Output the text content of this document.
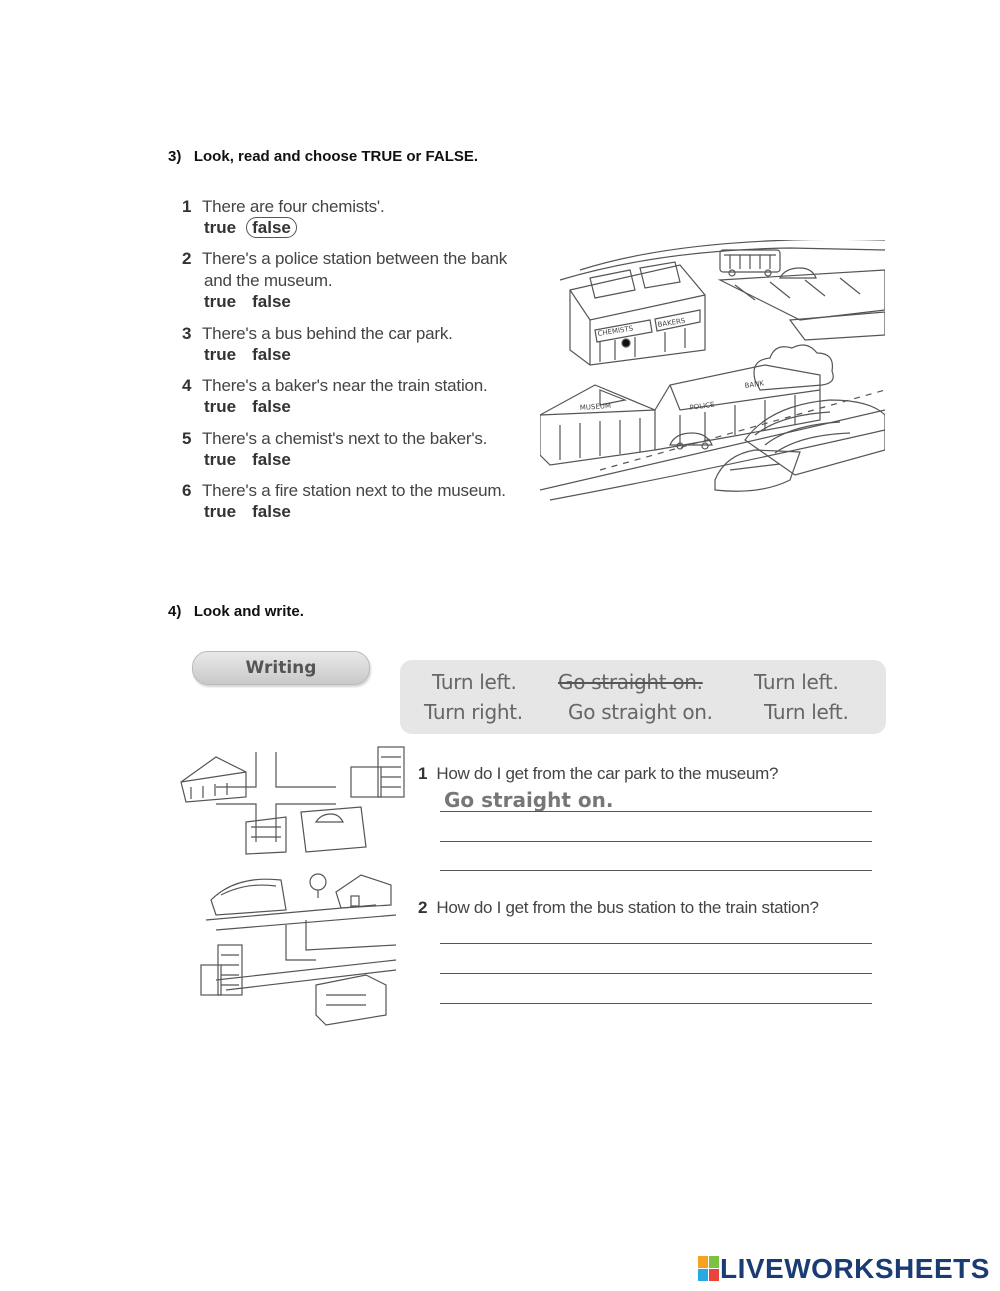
3) Look, read and choose TRUE or FALSE.
1 There are four chemists'.
true false
2 There's a police station between the bank
and the museum.
true false
3 There's a bus behind the car park.
true false
4 There's a baker's near the train station.
true false
5 There's a chemist's next to the baker's.
true false
6 There's a fire station next to the museum.
true false
CHEMISTS
BAKERS
POLICE
BANK
MUSEUM
4) Look and write.
Writing
Turn left. Go straight on.	Turn left.
Turn right. Go straight on.	Turn left.
1 How do I get from the car park to the museum?
Go straight on.
2 How do I get from the bus station to the train station?
LIVEWORKSHEETS
